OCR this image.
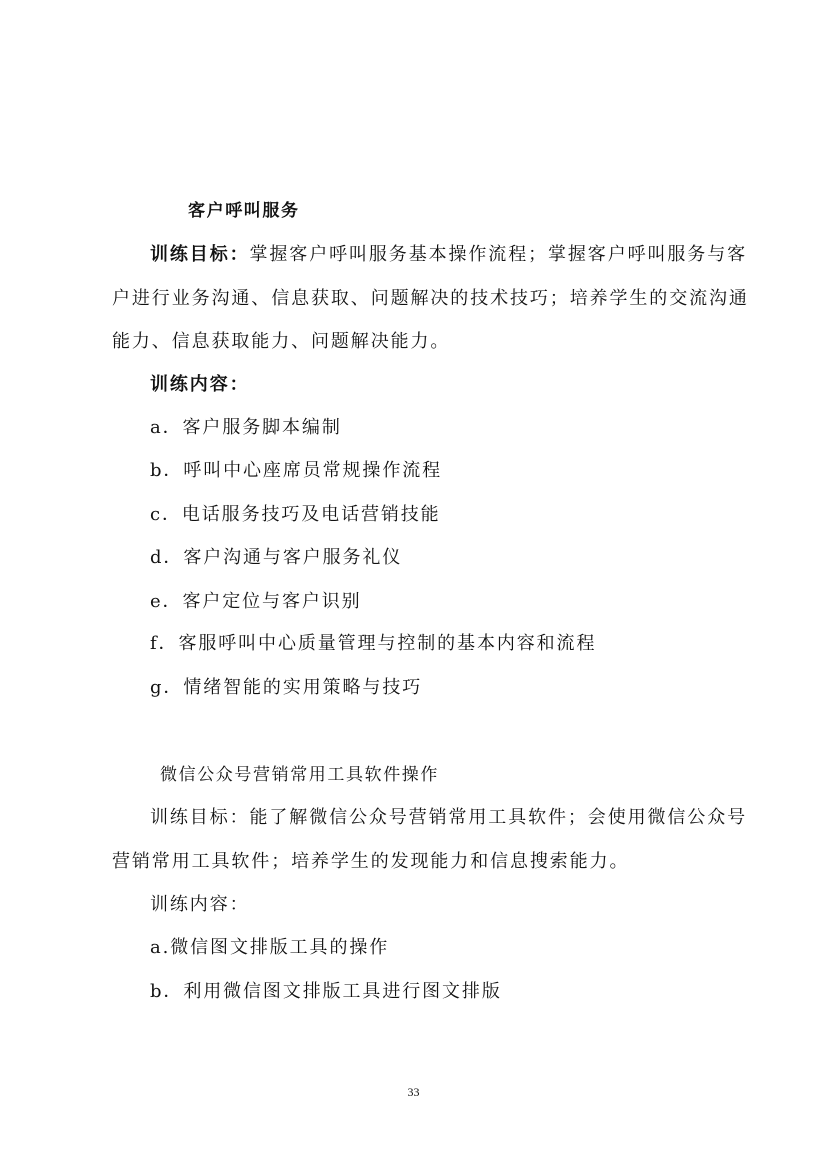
客户呼叫服务
训练目标：掌握客户呼叫服务基本操作流程；掌握客户呼叫服务与客
户进行业务沟通、信息获取、问题解决的技术技巧；培养学生的交流沟通
能力、信息获取能力、问题解决能力。
训练内容：
a．客户服务脚本编制
b．呼叫中心座席员常规操作流程
c．电话服务技巧及电话营销技能
d．客户沟通与客户服务礼仪
e．客户定位与客户识别
f．客服呼叫中心质量管理与控制的基本内容和流程
g．情绪智能的实用策略与技巧
微信公众号营销常用工具软件操作
训练目标：能了解微信公众号营销常用工具软件；会使用微信公众号
营销常用工具软件；培养学生的发现能力和信息搜索能力。
训练内容：
a.微信图文排版工具的操作
b．利用微信图文排版工具进行图文排版
33
